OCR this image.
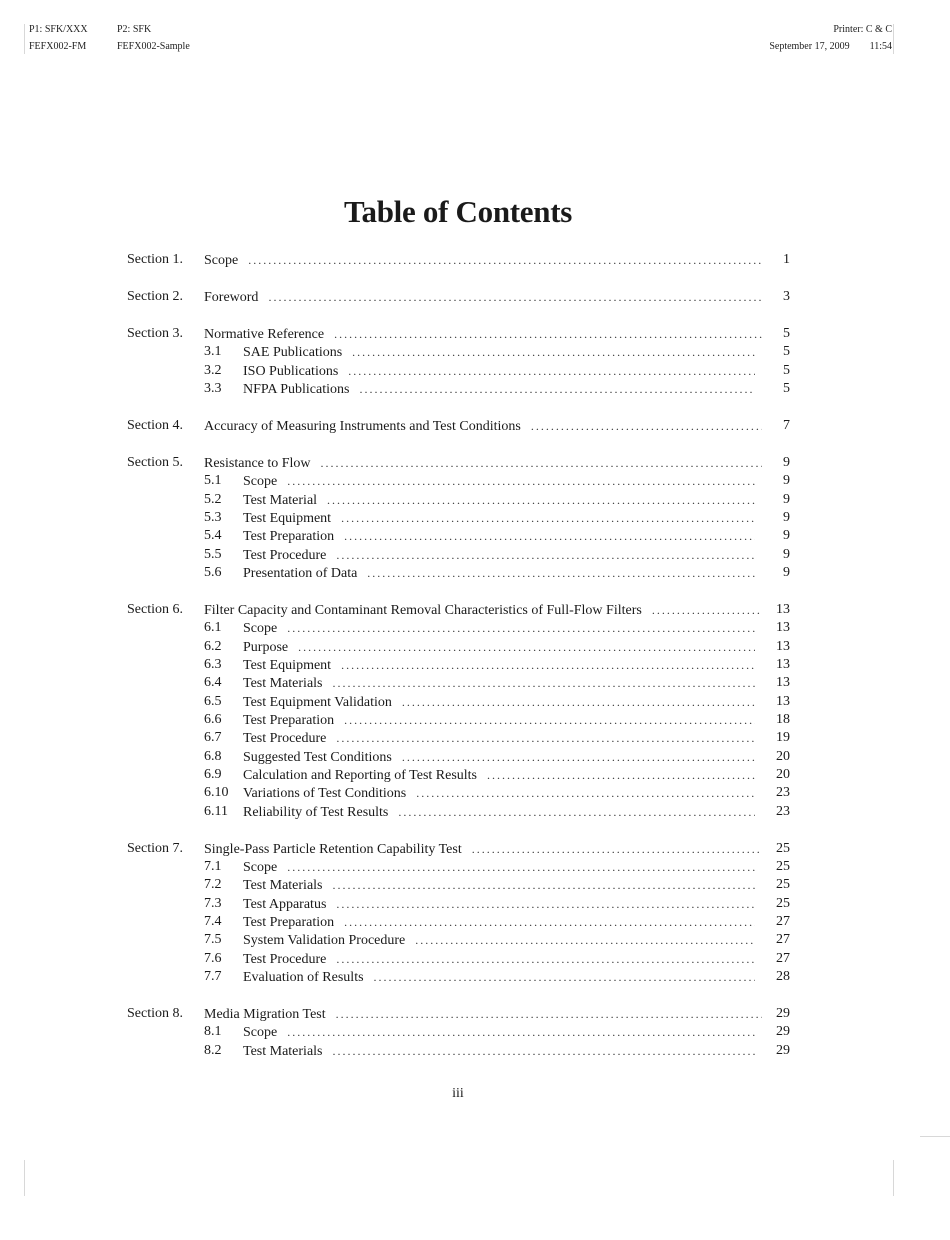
P1: SFK/XXX	P2: SFK
FEFX002-FM	FEFX002-Sample
Printer: C & C
September 17, 2009 11:54
Table of Contents
Section 1. Scope . . .	1
Section 2. Foreword . . .	3
Section 3. Normative Reference . . .	5
3.1 SAE Publications . . .	5
3.2 ISO Publications . . .	5
3.3 NFPA Publications . . .	5
Section 4. Accuracy of Measuring Instruments and Test Conditions . . .	7
Section 5. Resistance to Flow . . .	9
5.1 Scope . . .	9
5.2 Test Material . . .	9
5.3 Test Equipment . . .	9
5.4 Test Preparation . . .	9
5.5 Test Procedure . . .	9
5.6 Presentation of Data . . .	9
Section 6. Filter Capacity and Contaminant Removal Characteristics of Full-Flow Filters . . .	13
6.1 Scope . . .	13
6.2 Purpose . . .	13
6.3 Test Equipment . . .	13
6.4 Test Materials . . .	13
6.5 Test Equipment Validation . . .	13
6.6 Test Preparation . . .	18
6.7 Test Procedure . . .	19
6.8 Suggested Test Conditions . . .	20
6.9 Calculation and Reporting of Test Results . . .	20
6.10 Variations of Test Conditions . . .	23
6.11 Reliability of Test Results . . .	23
Section 7. Single-Pass Particle Retention Capability Test . . .	25
7.1 Scope . . .	25
7.2 Test Materials . . .	25
7.3 Test Apparatus . . .	25
7.4 Test Preparation . . .	27
7.5 System Validation Procedure . . .	27
7.6 Test Procedure . . .	27
7.7 Evaluation of Results . . .	28
Section 8. Media Migration Test . . .	29
8.1 Scope . . .	29
8.2 Test Materials . . .	29
iii
